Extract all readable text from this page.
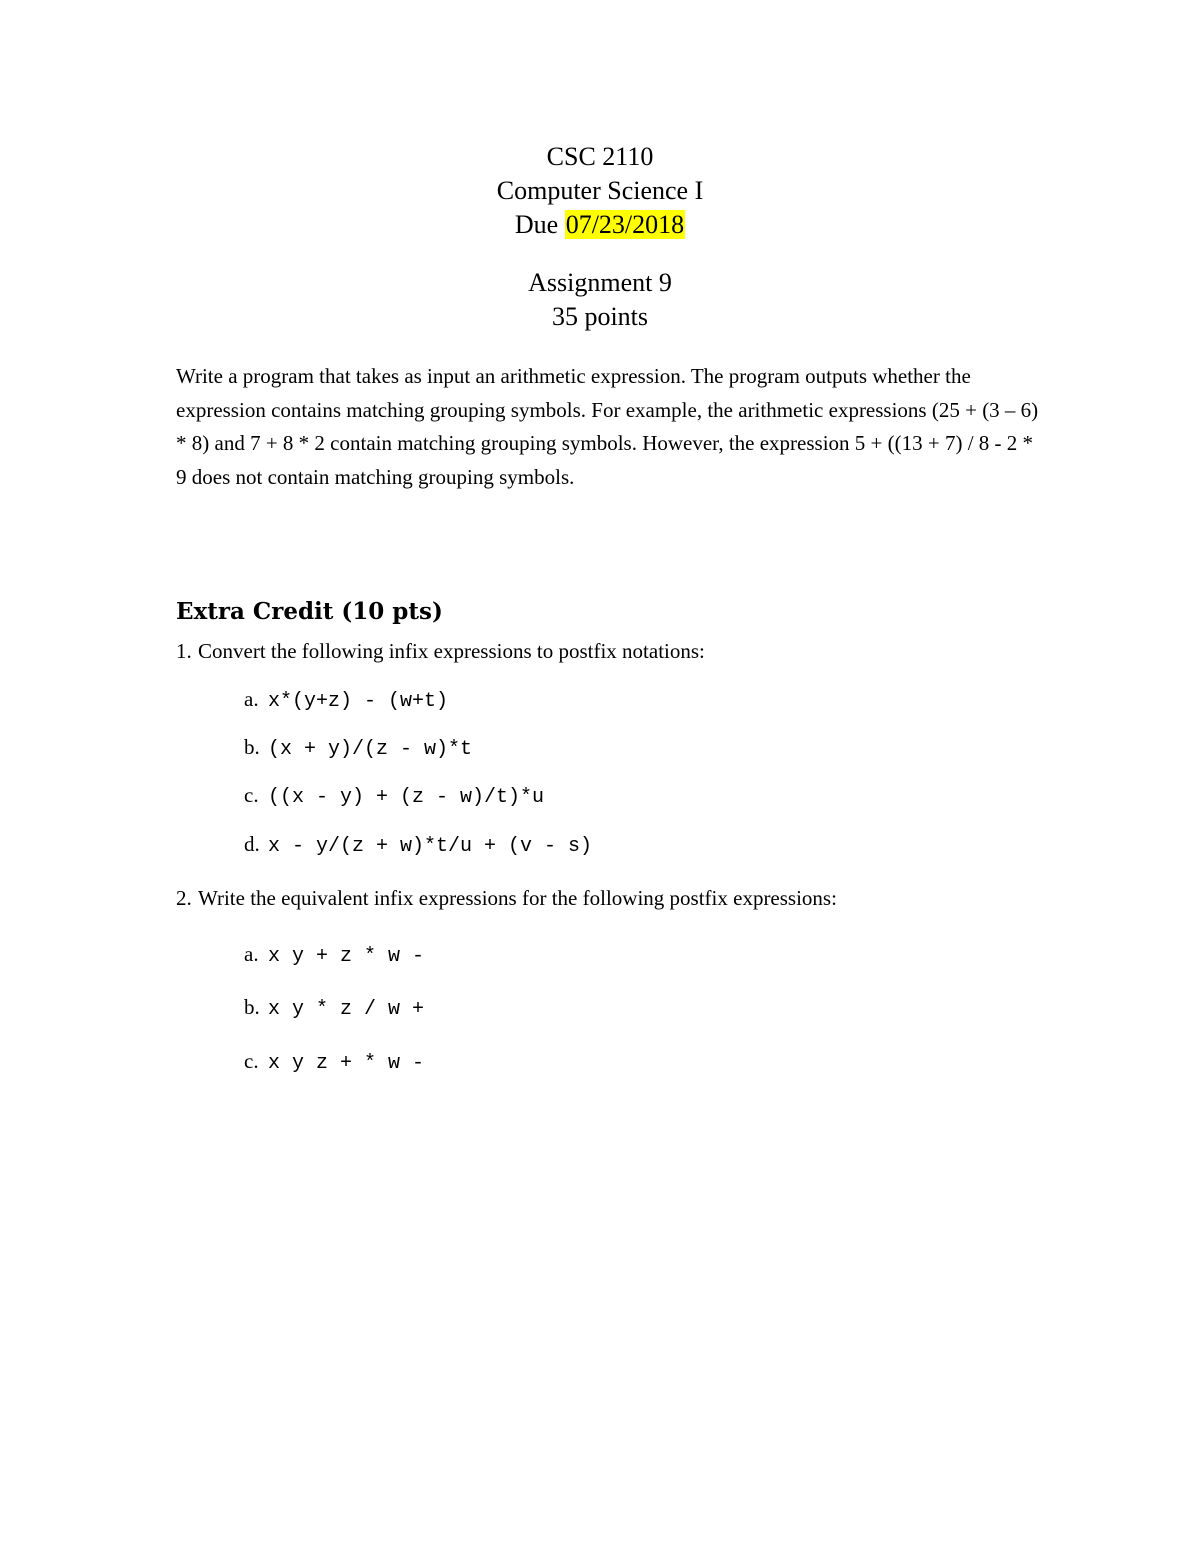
CSC 2110
Computer Science I
Due 07/23/2018
Assignment 9
35 points
Write a program that takes as input an arithmetic expression. The program outputs whether the expression contains matching grouping symbols. For example, the arithmetic expressions (25 + (3 – 6) * 8) and 7 + 8 * 2 contain matching grouping symbols. However, the expression 5 + ((13 + 7) / 8 - 2 * 9 does not contain matching grouping symbols.
Extra Credit (10 pts)
1. Convert the following infix expressions to postfix notations:
a. x*(y+z) - (w+t)
b. (x + y)/(z - w)*t
c. ((x - y) + (z - w)/t)*u
d. x - y/(z + w)*t/u + (v - s)
2. Write the equivalent infix expressions for the following postfix expressions:
a. x y + z * w -
b. x y * z / w +
c. x y z + * w -
